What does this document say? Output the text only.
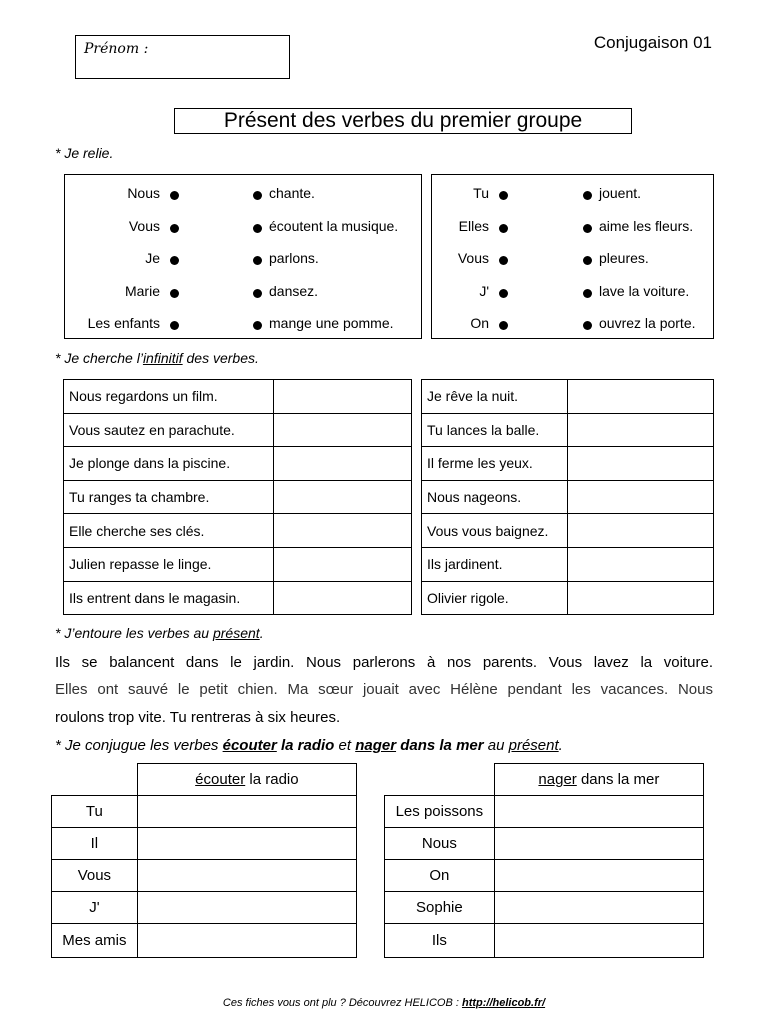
Prénom :	Conjugaison 01
Présent des verbes du premier groupe
* Je relie.
Nous	chante.
Vous	écoutent la musique.
Je	parlons.
Marie	dansez.
Les enfants	mange une pomme.
Tu	jouent.
Elles	aime les fleurs.
Vous	pleures.
J'	lave la voiture.
On	ouvrez la porte.
* Je cherche l’infinitif des verbes.
Nous regardons un film.	
Vous sautez en parachute.	
Je plonge dans la piscine.	
Tu ranges ta chambre.	
Elle cherche ses clés.	
Julien repasse le linge.	
Ils entrent dans le magasin.	
Je rêve la nuit.	
Tu lances la balle.	
Il ferme les yeux.	
Nous nageons.	
Vous vous baignez.	
Ils jardinent.	
Olivier rigole.	
* J’entoure les verbes au présent.
Ils se balancent dans le jardin. Nous parlerons à nos parents. Vous lavez la voiture.
Elles ont sauvé le petit chien. Ma sœur jouait avec Hélène pendant les vacances. Nous
roulons trop vite. Tu rentreras à six heures.
* Je conjugue les verbes écouter la radio et nager dans la mer au présent.
	écouter la radio
Tu	
Il	
Vous	
J'	
Mes amis	
	nager dans la mer
Les poissons	
Nous	
On	
Sophie	
Ils	
Ces fiches vous ont plu ? Découvrez HELICOB : http://helicob.fr/
